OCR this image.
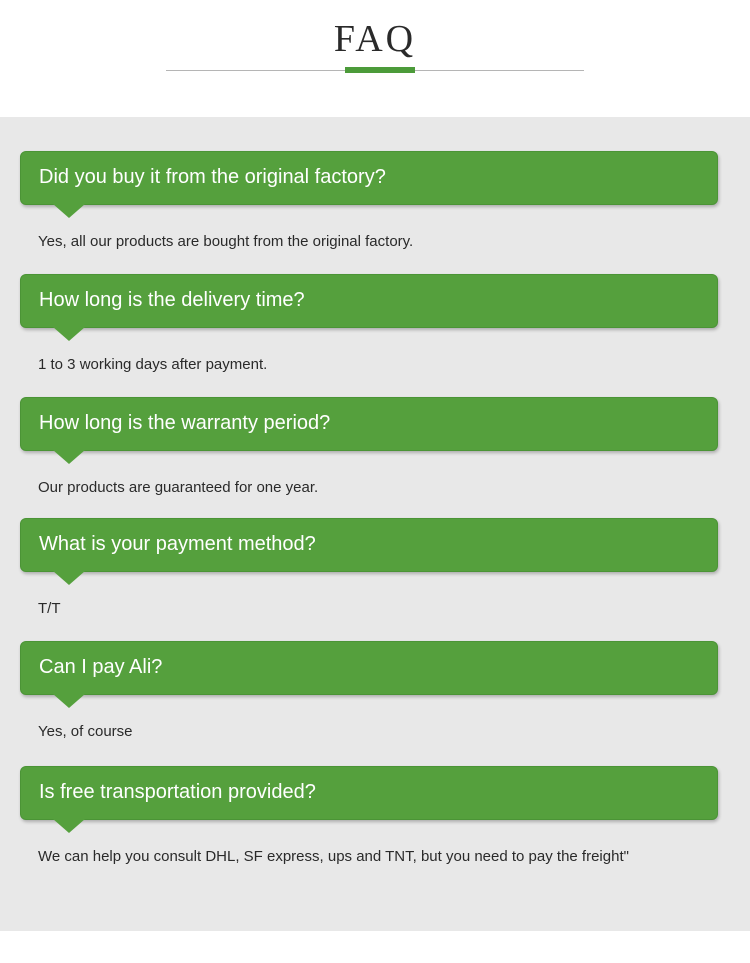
FAQ
Did you buy it from the original factory?
Yes, all our products are bought from the original factory.
How long is the delivery time?
1 to 3 working days after payment.
How long is the warranty period?
Our products are guaranteed for one year.
What is your payment method?
T/T
Can I pay Ali?
Yes, of course
Is free transportation provided?
We can help you consult DHL, SF express, ups and TNT, but you need to pay the freight"
